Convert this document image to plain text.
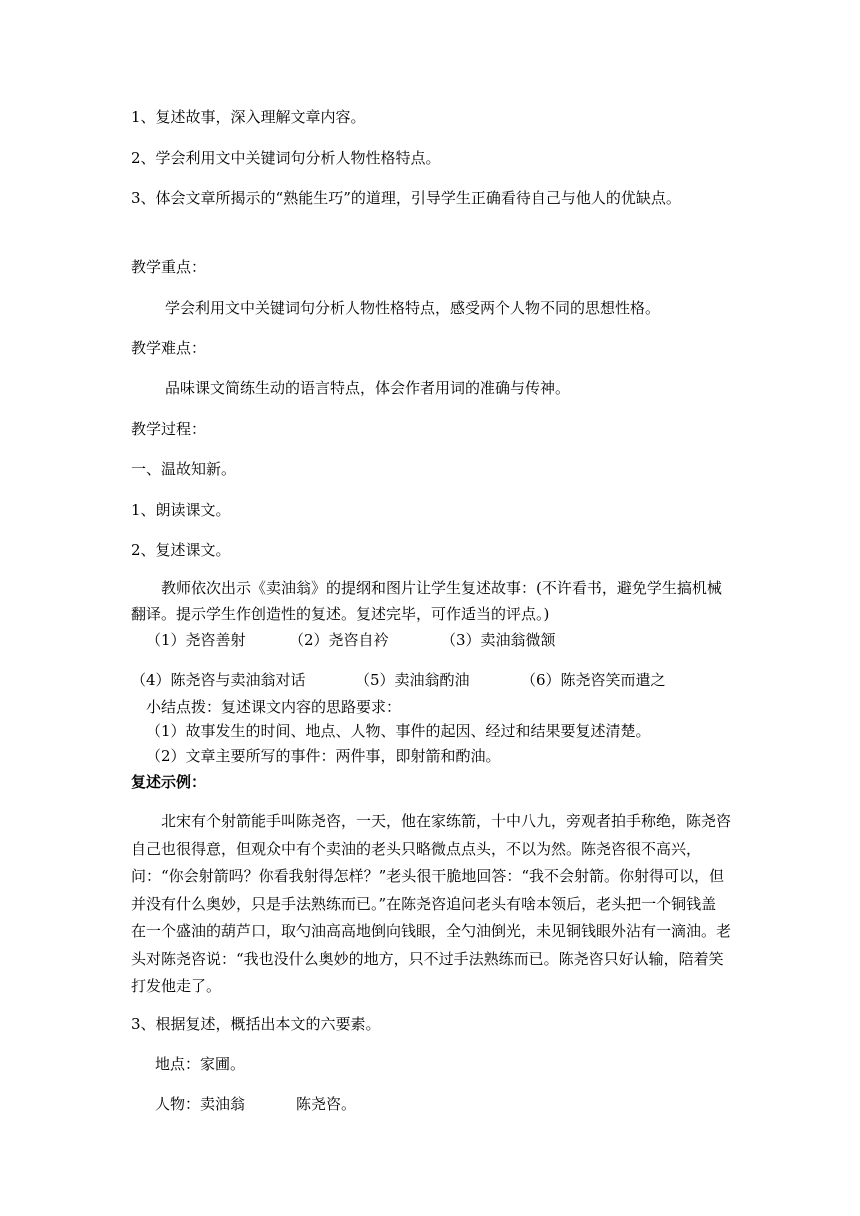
1、复述故事，深入理解文章内容。
2、学会利用文中关键词句分析人物性格特点。
3、体会文章所揭示的“熟能生巧”的道理，引导学生正确看待自己与他人的优缺点。
教学重点：
学会利用文中关键词句分析人物性格特点，感受两个人物不同的思想性格。
教学难点：
品味课文简练生动的语言特点，体会作者用词的准确与传神。
教学过程：
一、温故知新。
1、朗读课文。
2、复述课文。
教师依次出示《卖油翁》的提纲和图片让学生复述故事：(不许看书，避免学生搞机械翻译。提示学生作创造性的复述。复述完毕，可作适当的评点。)
（1）尧咨善射	（2）尧咨自衿	（3）卖油翁微颔
（4）陈尧咨与卖油翁对话	（5）卖油翁酌油	（6）陈尧咨笑而遣之
小结点拨：复述课文内容的思路要求：
（1）故事发生的时间、地点、人物、事件的起因、经过和结果要复述清楚。
（2）文章主要所写的事件：两件事，即射箭和酌油。
复述示例：
北宋有个射箭能手叫陈尧咨，一天，他在家练箭，十中八九，旁观者拍手称绝，陈尧咨自己也很得意，但观众中有个卖油的老头只略微点点头，不以为然。陈尧咨很不高兴，问：“你会射箭吗？你看我射得怎样？”老头很干脆地回答：“我不会射箭。你射得可以，但并没有什么奥妙，只是手法熟练而已。”在陈尧咨追问老头有啥本领后，老头把一个铜钱盖在一个盛油的葫芦口，取勺油高高地倒向钱眼，全勺油倒光，未见铜钱眼外沾有一滴油。老头对陈尧咨说：“我也没什么奥妙的地方，只不过手法熟练而已。陈尧咨只好认输，陪着笑打发他走了。
3、根据复述，概括出本文的六要素。
地点：家圃。
人物：卖油翁	陈尧咨。
